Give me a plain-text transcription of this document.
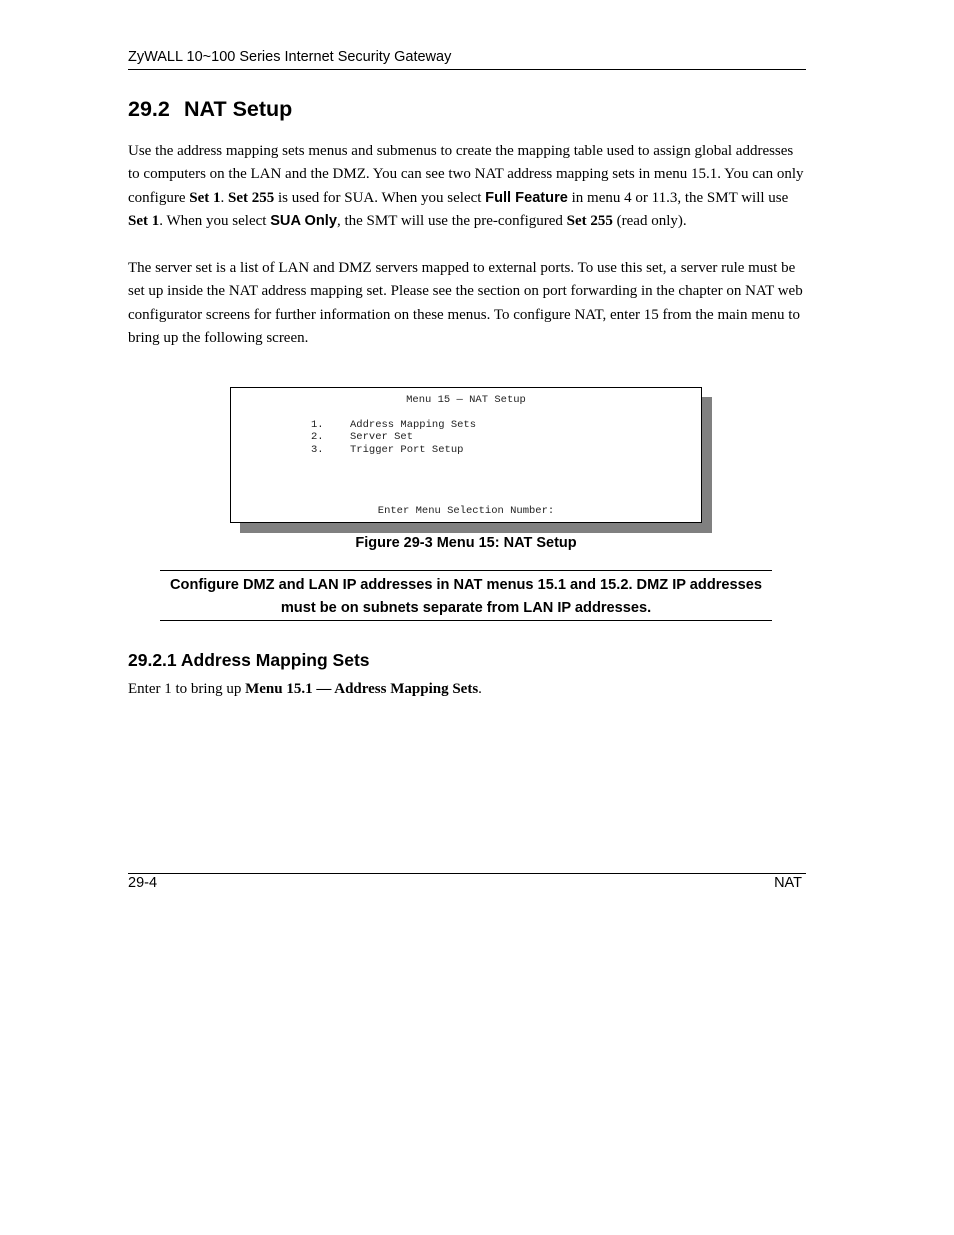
ZyWALL 10~100 Series Internet Security Gateway
29.2 NAT Setup

Use the address mapping sets menus and submenus to create the mapping table used to assign global addresses to computers on the LAN and the DMZ. You can see two NAT address mapping sets in menu 15.1. You can only configure Set 1. Set 255 is used for SUA. When you select Full Feature in menu 4 or 11.3, the SMT will use Set 1. When you select SUA Only, the SMT will use the pre-configured Set 255 (read only).

The server set is a list of LAN and DMZ servers mapped to external ports. To use this set, a server rule must be set up inside the NAT address mapping set. Please see the section on port forwarding in the chapter on NAT web configurator screens for further information on these menus. To configure NAT, enter 15 from the main menu to bring up the following screen.

Menu 15 — NAT Setup
1.	Address Mapping Sets
2.	Server Set
3.	Trigger Port Setup
Enter Menu Selection Number:
Figure 29-3 Menu 15: NAT Setup

Configure DMZ and LAN IP addresses in NAT menus 15.1 and 15.2. DMZ IP addresses must be on subnets separate from LAN IP addresses.

29.2.1 Address Mapping Sets

Enter 1 to bring up Menu 15.1 — Address Mapping Sets.

29-4	NAT
